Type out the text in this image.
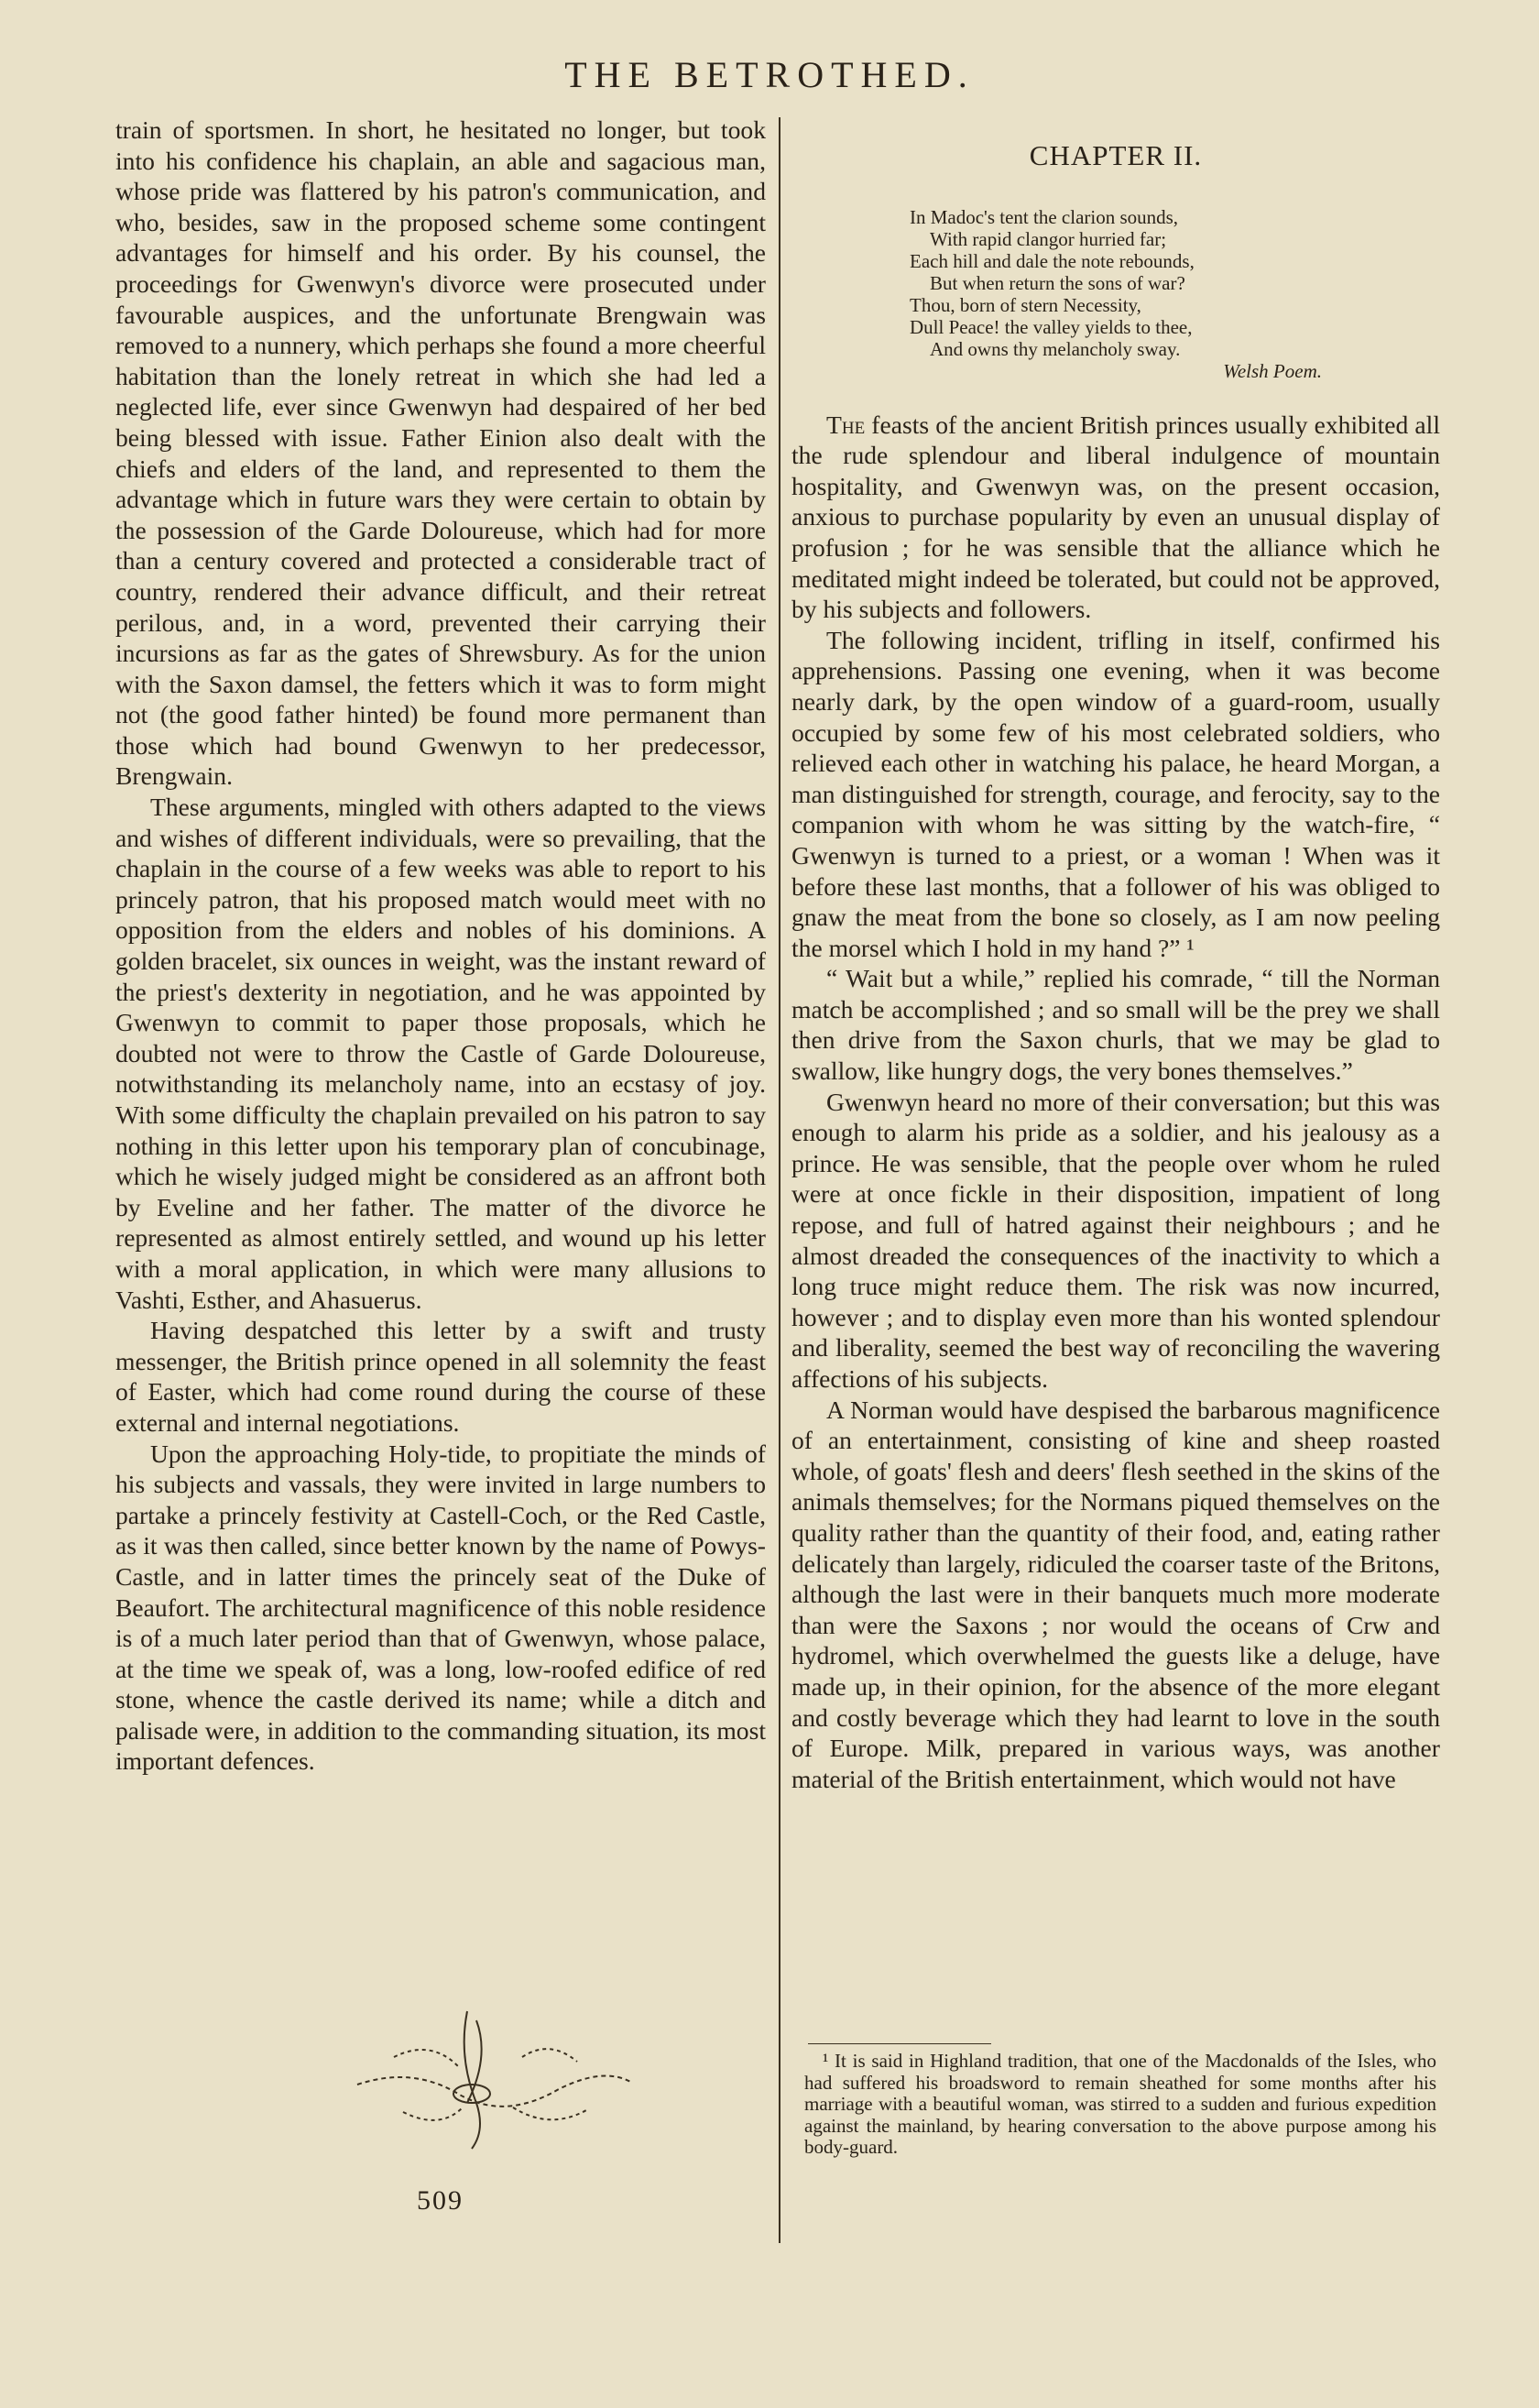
THE BETROTHED.

train of sportsmen. In short, he hesitated no longer, but took into his confidence his chaplain, an able and sagacious man, whose pride was flattered by his patron's communication, and who, besides, saw in the proposed scheme some contingent advantages for himself and his order. By his counsel, the proceedings for Gwenwyn's divorce were prosecuted under favourable auspices, and the unfortunate Brengwain was removed to a nunnery, which perhaps she found a more cheerful habitation than the lonely retreat in which she had led a neglected life, ever since Gwenwyn had despaired of her bed being blessed with issue. Father Einion also dealt with the chiefs and elders of the land, and represented to them the advantage which in future wars they were certain to obtain by the possession of the Garde Doloureuse, which had for more than a century covered and protected a considerable tract of country, rendered their advance difficult, and their retreat perilous, and, in a word, prevented their carrying their incursions as far as the gates of Shrewsbury. As for the union with the Saxon damsel, the fetters which it was to form might not (the good father hinted) be found more permanent than those which had bound Gwenwyn to her predecessor, Brengwain.

These arguments, mingled with others adapted to the views and wishes of different individuals, were so prevailing, that the chaplain in the course of a few weeks was able to report to his princely patron, that his proposed match would meet with no opposition from the elders and nobles of his dominions. A golden bracelet, six ounces in weight, was the instant reward of the priest's dexterity in negotiation, and he was appointed by Gwenwyn to commit to paper those proposals, which he doubted not were to throw the Castle of Garde Doloureuse, notwithstanding its melancholy name, into an ecstasy of joy. With some difficulty the chaplain prevailed on his patron to say nothing in this letter upon his temporary plan of concubinage, which he wisely judged might be considered as an affront both by Eveline and her father. The matter of the divorce he represented as almost entirely settled, and wound up his letter with a moral application, in which were many allusions to Vashti, Esther, and Ahasuerus.

Having despatched this letter by a swift and trusty messenger, the British prince opened in all solemnity the feast of Easter, which had come round during the course of these external and internal negotiations.

Upon the approaching Holy-tide, to propitiate the minds of his subjects and vassals, they were invited in large numbers to partake a princely festivity at Castell-Coch, or the Red Castle, as it was then called, since better known by the name of Powys-Castle, and in latter times the princely seat of the Duke of Beaufort. The architectural magnificence of this noble residence is of a much later period than that of Gwenwyn, whose palace, at the time we speak of, was a long, low-roofed edifice of red stone, whence the castle derived its name; while a ditch and palisade were, in addition to the commanding situation, its most important defences.

CHAPTER II.
In Madoc's tent the clarion sounds,
With rapid clangor hurried far;
Each hill and dale the note rebounds,
But when return the sons of war?
Thou, born of stern Necessity,
Dull Peace! the valley yields to thee,
And owns thy melancholy sway.
Welsh Poem.

The feasts of the ancient British princes usually exhibited all the rude splendour and liberal indulgence of mountain hospitality, and Gwenwyn was, on the present occasion, anxious to purchase popularity by even an unusual display of profusion ; for he was sensible that the alliance which he meditated might indeed be tolerated, but could not be approved, by his subjects and followers.

The following incident, trifling in itself, confirmed his apprehensions. Passing one evening, when it was become nearly dark, by the open window of a guard-room, usually occupied by some few of his most celebrated soldiers, who relieved each other in watching his palace, he heard Morgan, a man distinguished for strength, courage, and ferocity, say to the companion with whom he was sitting by the watch-fire, “ Gwenwyn is turned to a priest, or a woman ! When was it before these last months, that a follower of his was obliged to gnaw the meat from the bone so closely, as I am now peeling the morsel which I hold in my hand ?” ¹

“ Wait but a while,” replied his comrade, “ till the Norman match be accomplished ; and so small will be the prey we shall then drive from the Saxon churls, that we may be glad to swallow, like hungry dogs, the very bones themselves.”

Gwenwyn heard no more of their conversation; but this was enough to alarm his pride as a soldier, and his jealousy as a prince. He was sensible, that the people over whom he ruled were at once fickle in their disposition, impatient of long repose, and full of hatred against their neighbours ; and he almost dreaded the consequences of the inactivity to which a long truce might reduce them. The risk was now incurred, however ; and to display even more than his wonted splendour and liberality, seemed the best way of reconciling the wavering affections of his subjects.

A Norman would have despised the barbarous magnificence of an entertainment, consisting of kine and sheep roasted whole, of goats' flesh and deers' flesh seethed in the skins of the animals themselves; for the Normans piqued themselves on the quality rather than the quantity of their food, and, eating rather delicately than largely, ridiculed the coarser taste of the Britons, although the last were in their banquets much more moderate than were the Saxons ; nor would the oceans of Crw and hydromel, which overwhelmed the guests like a deluge, have made up, in their opinion, for the absence of the more elegant and costly beverage which they had learnt to love in the south of Europe. Milk, prepared in various ways, was another material of the British entertainment, which would not have

¹ It is said in Highland tradition, that one of the Macdonalds of the Isles, who had suffered his broadsword to remain sheathed for some months after his marriage with a beautiful woman, was stirred to a sudden and furious expedition against the mainland, by hearing conversation to the above purpose among his body-guard.
509
